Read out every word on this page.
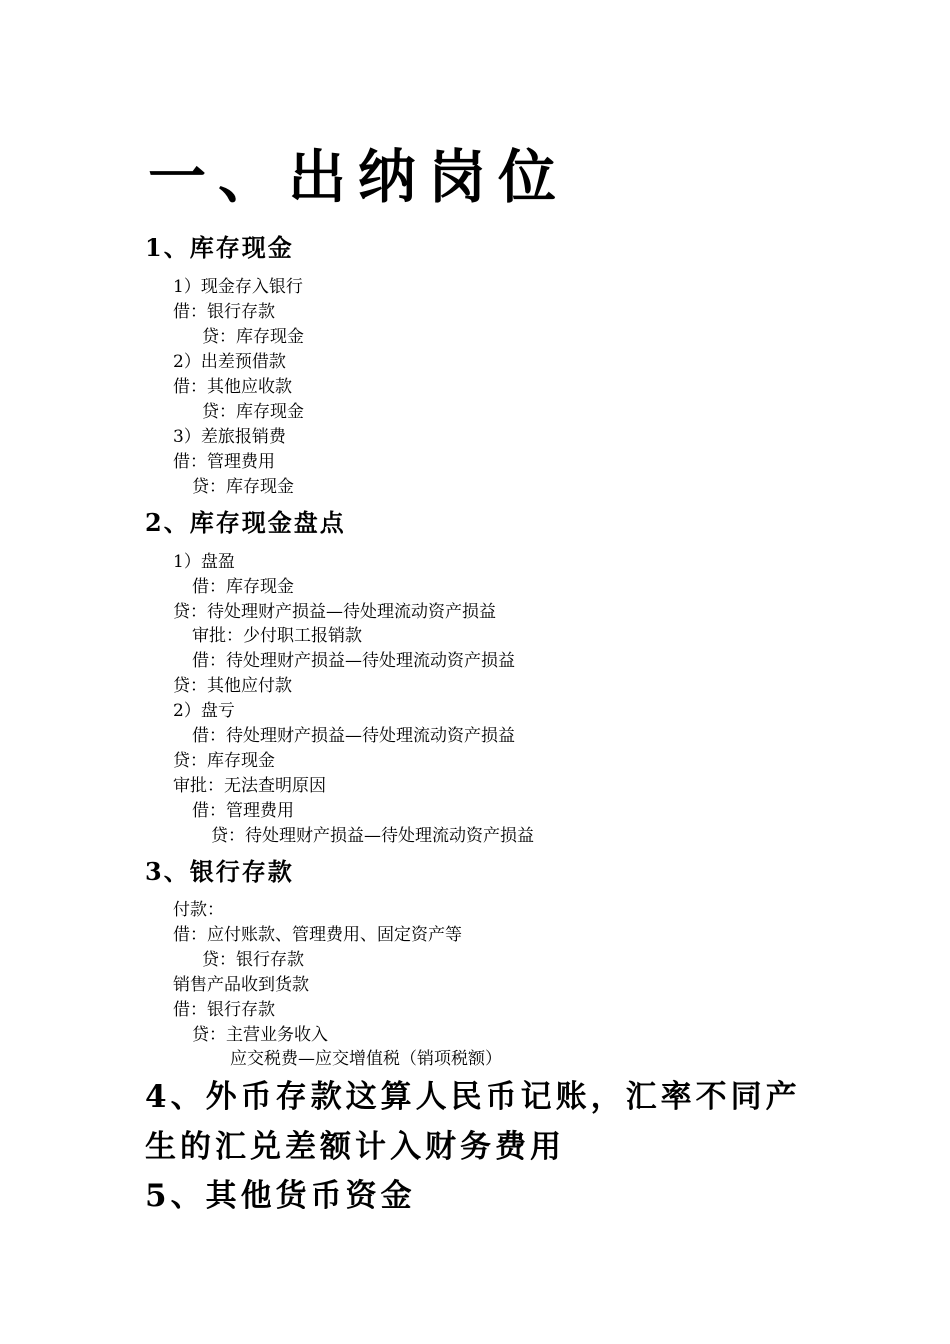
一、出纳岗位
1、库存现金
1）现金存入银行
借：银行存款
贷：库存现金
2）出差预借款
借：其他应收款
贷：库存现金
3）差旅报销费
借：管理费用
贷：库存现金
2、库存现金盘点
1）盘盈
借：库存现金
贷：待处理财产损益—待处理流动资产损益
审批：少付职工报销款
借：待处理财产损益—待处理流动资产损益
贷：其他应付款
2）盘亏
借：待处理财产损益—待处理流动资产损益
贷：库存现金
审批：无法查明原因
借：管理费用
贷：待处理财产损益—待处理流动资产损益
3、银行存款
付款：
借：应付账款、管理费用、固定资产等
贷：银行存款
销售产品收到货款
借：银行存款
贷：主营业务收入
应交税费—应交增值税（销项税额）
4、外币存款这算人民币记账，汇率不同产
生的汇兑差额计入财务费用
5、其他货币资金
